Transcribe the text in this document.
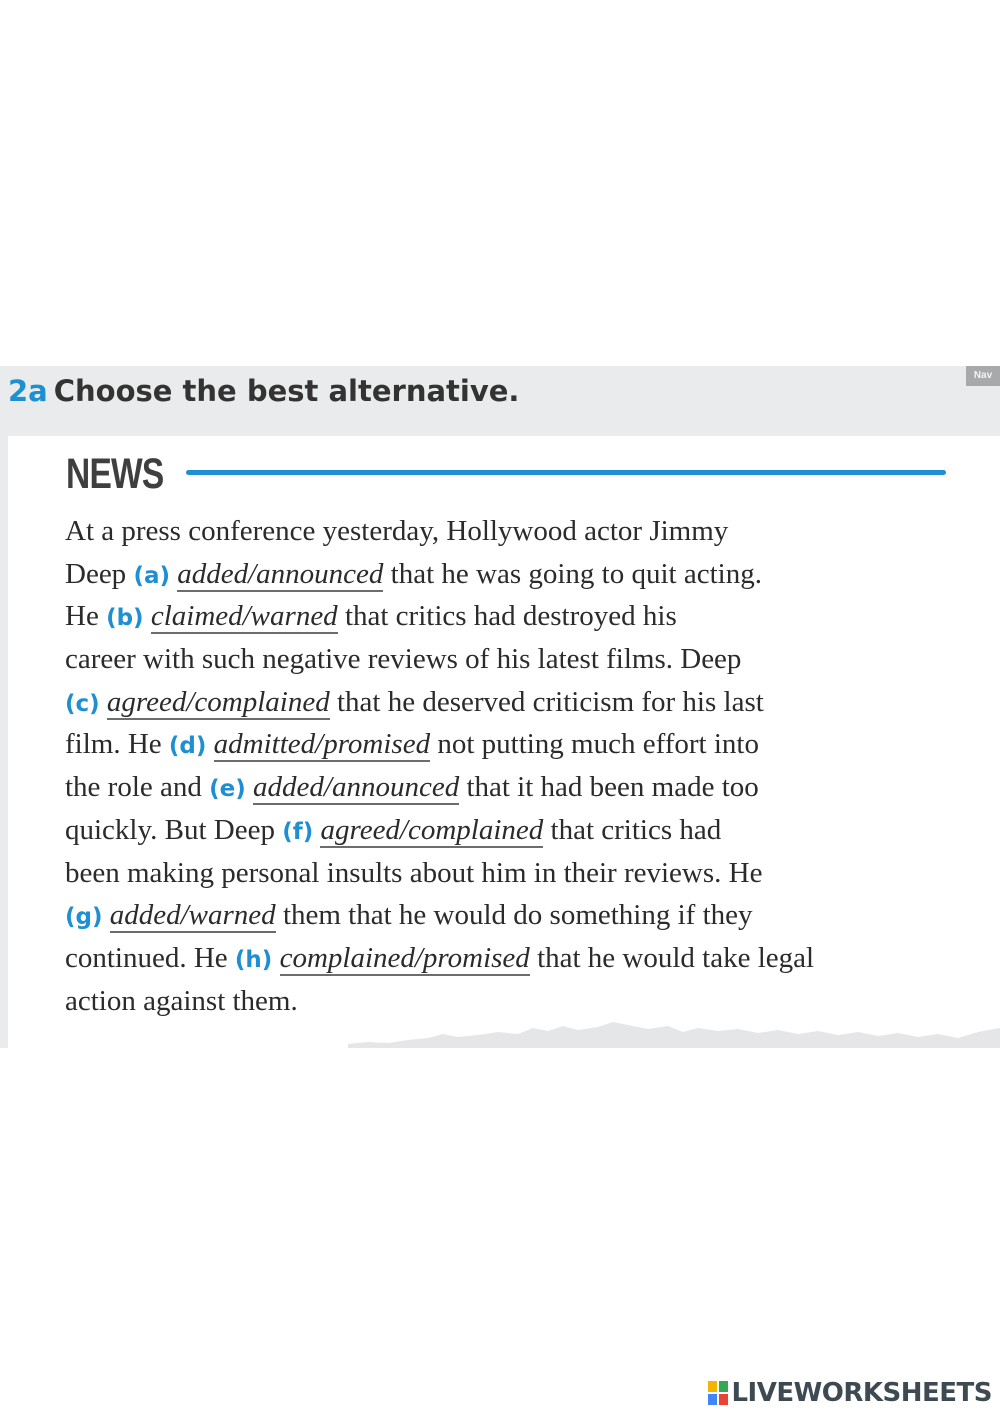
2a Choose the best alternative.	Nav
NEWS
At a press conference yesterday, Hollywood actor Jimmy
Deep (a) added/announced that he was going to quit acting.
He (b) claimed/warned that critics had destroyed his
career with such negative reviews of his latest films. Deep
(c) agreed/complained that he deserved criticism for his last
film. He (d) admitted/promised not putting much effort into
the role and (e) added/announced that it had been made too
quickly. But Deep (f) agreed/complained that critics had
been making personal insults about him in their reviews. He
(g) added/warned them that he would do something if they
continued. He (h) complained/promised that he would take legal
action against them.
LIVEWORKSHEETS
